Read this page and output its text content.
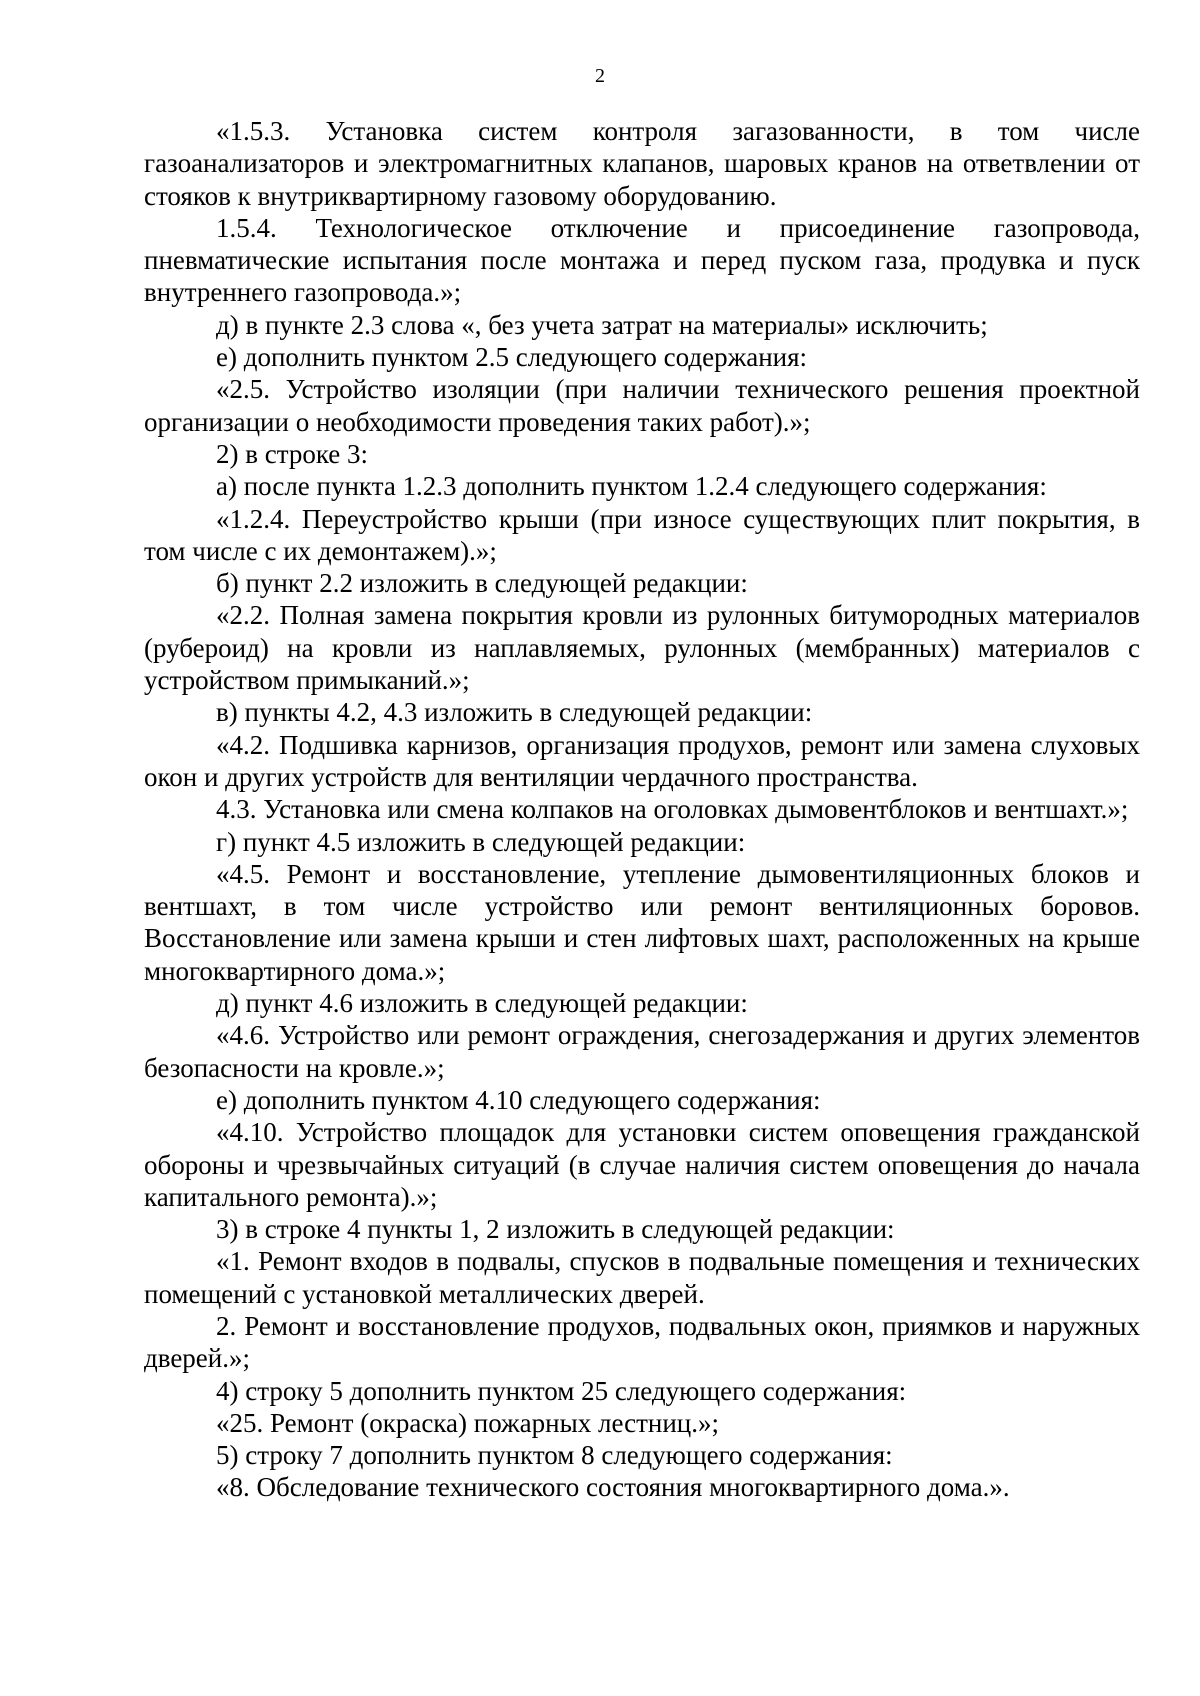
2

«1.5.3. Установка систем контроля загазованности, в том числе газоанализаторов и электромагнитных клапанов, шаровых кранов на ответвлении от стояков к внутриквартирному газовому оборудованию.

1.5.4. Технологическое отключение и присоединение газопровода, пневматические испытания после монтажа и перед пуском газа, продувка и пуск внутреннего газопровода.»;

д) в пункте 2.3 слова «, без учета затрат на материалы» исключить;

е) дополнить пунктом 2.5 следующего содержания:

«2.5. Устройство изоляции (при наличии технического решения проектной организации о необходимости проведения таких работ).»;

2) в строке 3:

а) после пункта 1.2.3 дополнить пунктом 1.2.4 следующего содержания:

«1.2.4. Переустройство крыши (при износе существующих плит покрытия, в том числе с их демонтажем).»;

б) пункт 2.2 изложить в следующей редакции:

«2.2. Полная замена покрытия кровли из рулонных битумородных материалов (рубероид) на кровли из наплавляемых, рулонных (мембранных) материалов с устройством примыканий.»;

в) пункты 4.2, 4.3 изложить в следующей редакции:

«4.2. Подшивка карнизов, организация продухов, ремонт или замена слуховых окон и других устройств для вентиляции чердачного пространства.

4.3. Установка или смена колпаков на оголовках дымовентблоков и вентшахт.»;

г) пункт 4.5 изложить в следующей редакции:

«4.5. Ремонт и восстановление, утепление дымовентиляционных блоков и вентшахт, в том числе устройство или ремонт вентиляционных боровов. Восстановление или замена крыши и стен лифтовых шахт, расположенных на крыше многоквартирного дома.»;

д) пункт 4.6 изложить в следующей редакции:

«4.6. Устройство или ремонт ограждения, снегозадержания и других элементов безопасности на кровле.»;

е) дополнить пунктом 4.10 следующего содержания:

«4.10. Устройство площадок для установки систем оповещения гражданской обороны и чрезвычайных ситуаций (в случае наличия систем оповещения до начала капитального ремонта).»;

3) в строке 4 пункты 1, 2 изложить в следующей редакции:

«1. Ремонт входов в подвалы, спусков в подвальные помещения и технических помещений с установкой металлических дверей.

2. Ремонт и восстановление продухов, подвальных окон, приямков и наружных дверей.»;

4) строку 5 дополнить пунктом 25 следующего содержания:

«25. Ремонт (окраска) пожарных лестниц.»;

5) строку 7 дополнить пунктом 8 следующего содержания:

«8. Обследование технического состояния многоквартирного дома.».
